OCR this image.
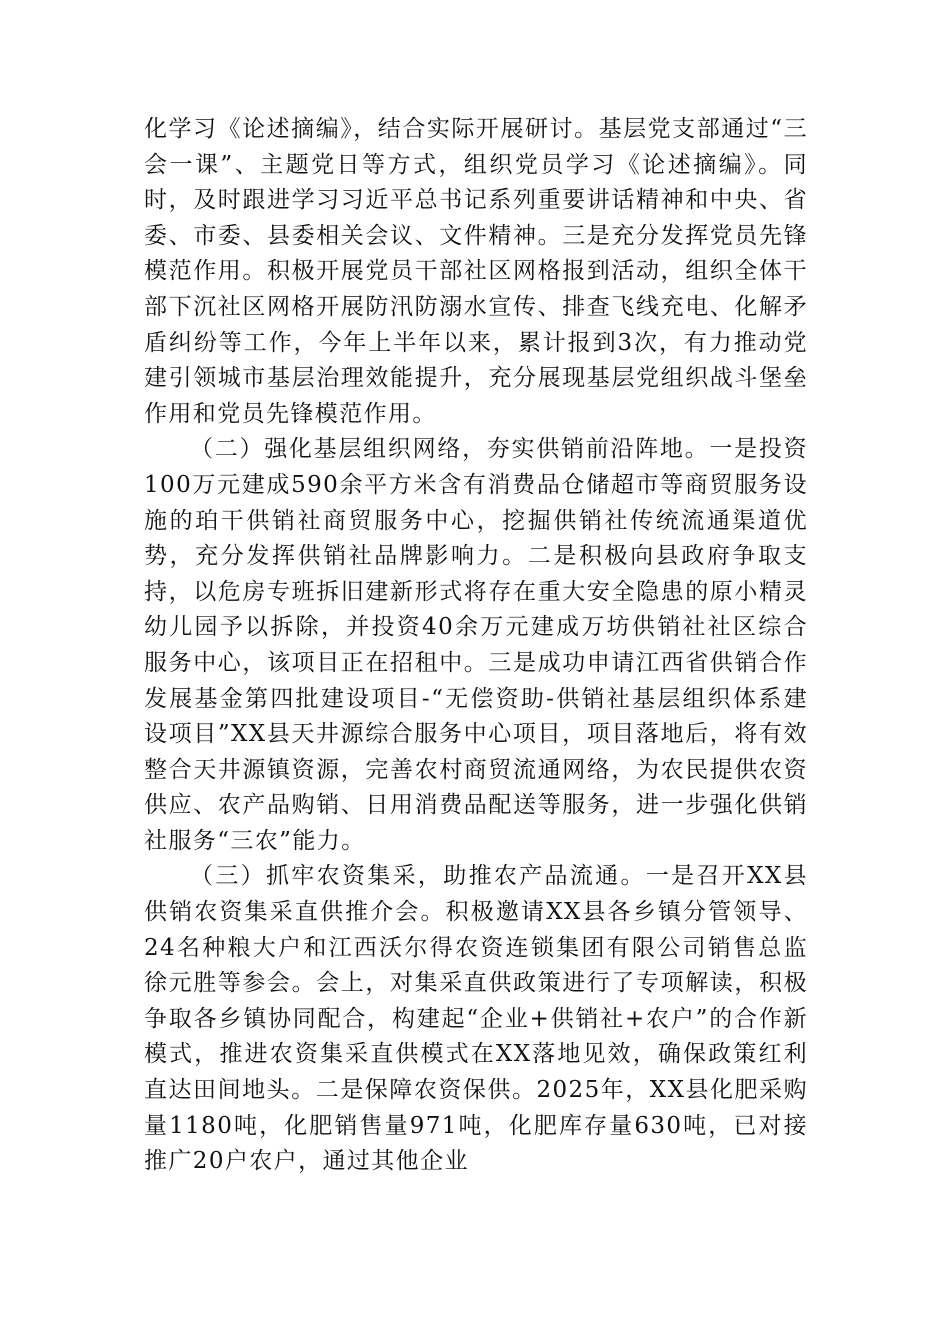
化学习《论述摘编》，结合实际开展研讨。基层党支部通过“三会一课”、主题党日等方式，组织党员学习《论述摘编》。同时，及时跟进学习习近平总书记系列重要讲话精神和中央、省委、市委、县委相关会议、文件精神。三是充分发挥党员先锋模范作用。积极开展党员干部社区网格报到活动，组织全体干部下沉社区网格开展防汛防溺水宣传、排查飞线充电、化解矛盾纠纷等工作，今年上半年以来，累计报到3次，有力推动党建引领城市基层治理效能提升，充分展现基层党组织战斗堡垒作用和党员先锋模范作用。

（二）强化基层组织网络，夯实供销前沿阵地。一是投资100万元建成590余平方米含有消费品仓储超市等商贸服务设施的珀干供销社商贸服务中心，挖掘供销社传统流通渠道优势，充分发挥供销社品牌影响力。二是积极向县政府争取支持，以危房专班拆旧建新形式将存在重大安全隐患的原小精灵幼儿园予以拆除，并投资40余万元建成万坊供销社社区综合服务中心，该项目正在招租中。三是成功申请江西省供销合作发展基金第四批建设项目-“无偿资助-供销社基层组织体系建设项目”XX县天井源综合服务中心项目，项目落地后，将有效整合天井源镇资源，完善农村商贸流通网络，为农民提供农资供应、农产品购销、日用消费品配送等服务，进一步强化供销社服务“三农”能力。

（三）抓牢农资集采，助推农产品流通。一是召开XX县供销农资集采直供推介会。积极邀请XX县各乡镇分管领导、24名种粮大户和江西沃尔得农资连锁集团有限公司销售总监徐元胜等参会。会上，对集采直供政策进行了专项解读，积极争取各乡镇协同配合，构建起“企业+供销社+农户”的合作新模式，推进农资集采直供模式在XX落地见效，确保政策红利直达田间地头。二是保障农资保供。2025年，XX县化肥采购量1180吨，化肥销售量971吨，化肥库存量630吨，已对接推广20户农户，通过其他企业
